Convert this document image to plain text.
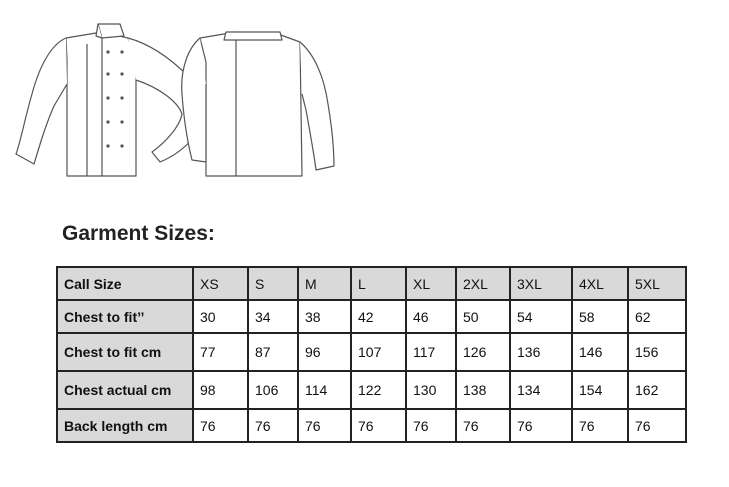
Garment Sizes:
Call Size	XS	S	M	L	XL	2XL	3XL	4XL	5XL
Chest to fit’’	30	34	38	42	46	50	54	58	62
Chest to fit cm	77	87	96	107	117	126	136	146	156
Chest actual cm	98	106	114	122	130	138	134	154	162
Back length cm	76	76	76	76	76	76	76	76	76
